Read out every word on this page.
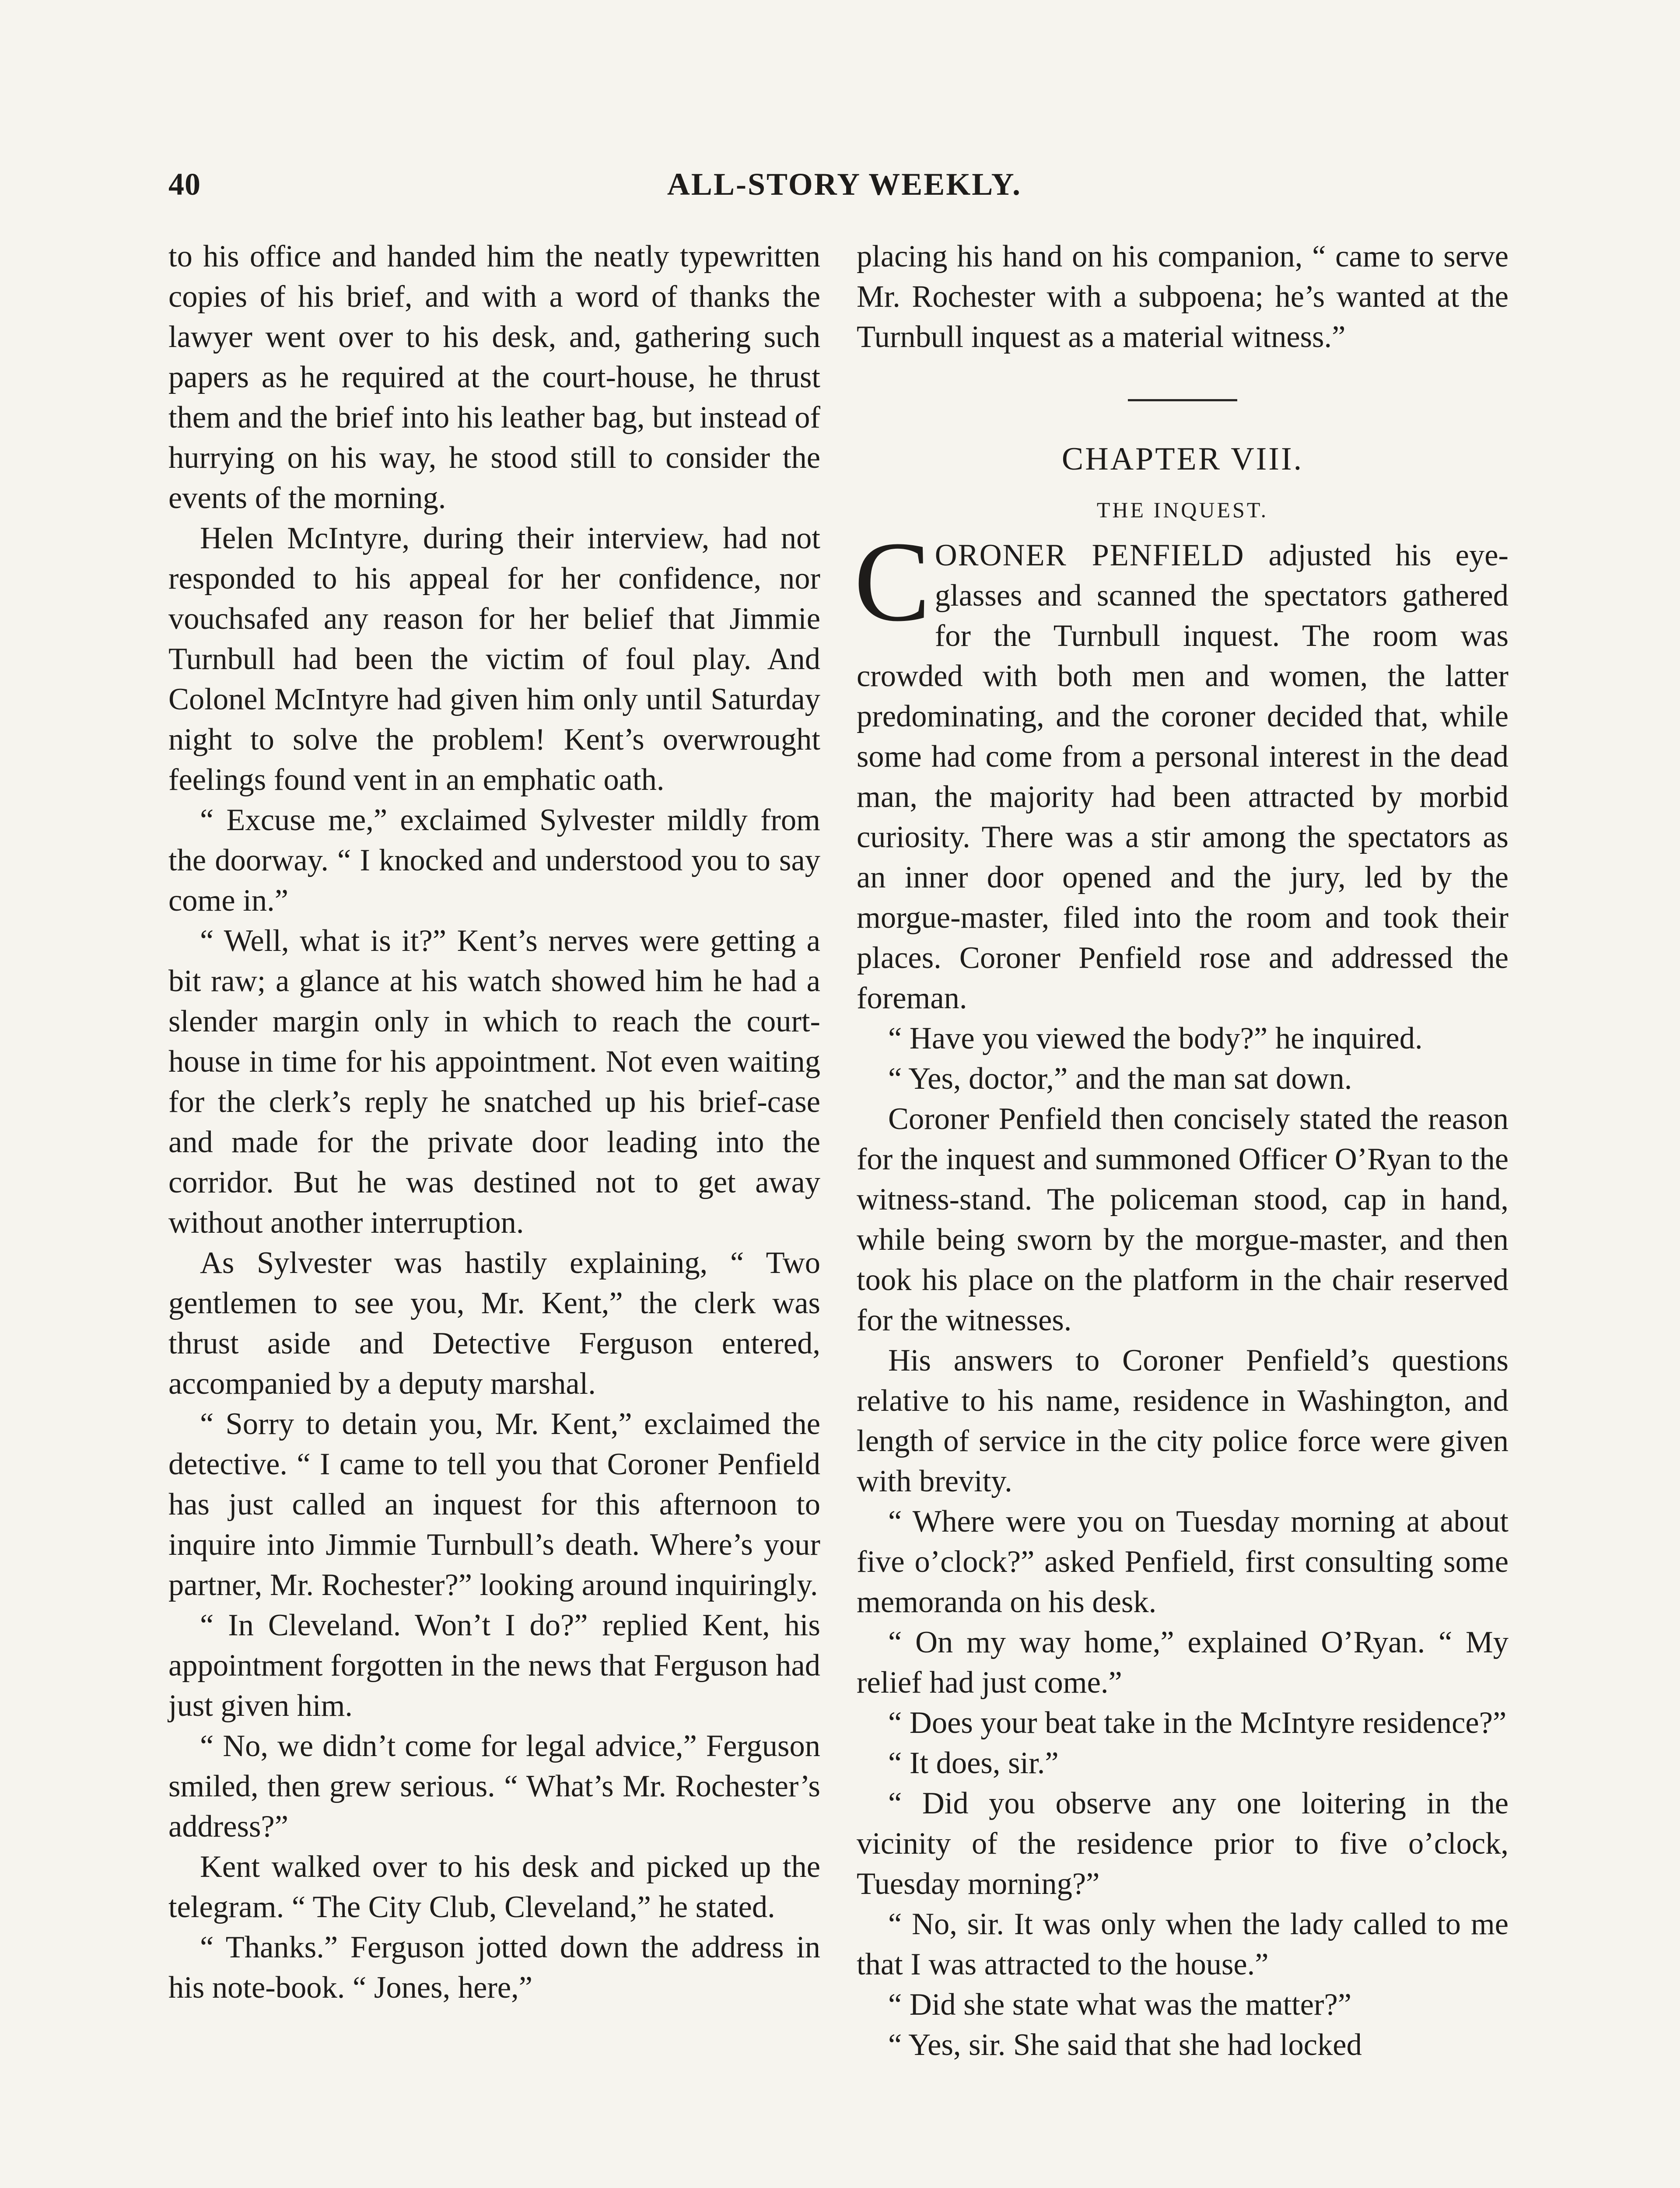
40	ALL-STORY WEEKLY.

to his office and handed him the neatly typewritten copies of his brief, and with a word of thanks the lawyer went over to his desk, and, gathering such papers as he required at the court-house, he thrust them and the brief into his leather bag, but instead of hurrying on his way, he stood still to consider the events of the morning.

Helen McIntyre, during their interview, had not responded to his appeal for her confidence, nor vouchsafed any reason for her belief that Jimmie Turnbull had been the victim of foul play. And Colonel McIntyre had given him only until Saturday night to solve the problem! Kent’s overwrought feelings found vent in an emphatic oath.

“ Excuse me,” exclaimed Sylvester mildly from the doorway. “ I knocked and understood you to say come in.”

“ Well, what is it?” Kent’s nerves were getting a bit raw; a glance at his watch showed him he had a slender margin only in which to reach the court-house in time for his appointment. Not even waiting for the clerk’s reply he snatched up his brief-case and made for the private door leading into the corridor. But he was destined not to get away without another interruption.

As Sylvester was hastily explaining, “ Two gentlemen to see you, Mr. Kent,” the clerk was thrust aside and Detective Ferguson entered, accompanied by a deputy marshal.

“ Sorry to detain you, Mr. Kent,” exclaimed the detective. “ I came to tell you that Coroner Penfield has just called an inquest for this afternoon to inquire into Jimmie Turnbull’s death. Where’s your partner, Mr. Rochester?” looking around inquiringly.

“ In Cleveland. Won’t I do?” replied Kent, his appointment forgotten in the news that Ferguson had just given him.

“ No, we didn’t come for legal advice,” Ferguson smiled, then grew serious. “ What’s Mr. Rochester’s address?”

Kent walked over to his desk and picked up the telegram. “ The City Club, Cleveland,” he stated.

“ Thanks.” Ferguson jotted down the address in his note-book. “ Jones, here,”

placing his hand on his companion, “ came to serve Mr. Rochester with a subpoena; he’s wanted at the Turnbull inquest as a material witness.”

CHAPTER VIII.
THE INQUEST.

CORONER PENFIELD adjusted his eye-glasses and scanned the spectators gathered for the Turnbull inquest. The room was crowded with both men and women, the latter predominating, and the coroner decided that, while some had come from a personal interest in the dead man, the majority had been attracted by morbid curiosity. There was a stir among the spectators as an inner door opened and the jury, led by the morgue-master, filed into the room and took their places. Coroner Penfield rose and addressed the foreman.

“ Have you viewed the body?” he inquired.

“ Yes, doctor,” and the man sat down.

Coroner Penfield then concisely stated the reason for the inquest and summoned Officer O’Ryan to the witness-stand. The policeman stood, cap in hand, while being sworn by the morgue-master, and then took his place on the platform in the chair reserved for the witnesses.

His answers to Coroner Penfield’s questions relative to his name, residence in Washington, and length of service in the city police force were given with brevity.

“ Where were you on Tuesday morning at about five o’clock?” asked Penfield, first consulting some memoranda on his desk.

“ On my way home,” explained O’Ryan. “ My relief had just come.”

“ Does your beat take in the McIntyre residence?”

“ It does, sir.”

“ Did you observe any one loitering in the vicinity of the residence prior to five o’clock, Tuesday morning?”

“ No, sir. It was only when the lady called to me that I was attracted to the house.”

“ Did she state what was the matter?”

“ Yes, sir. She said that she had locked
